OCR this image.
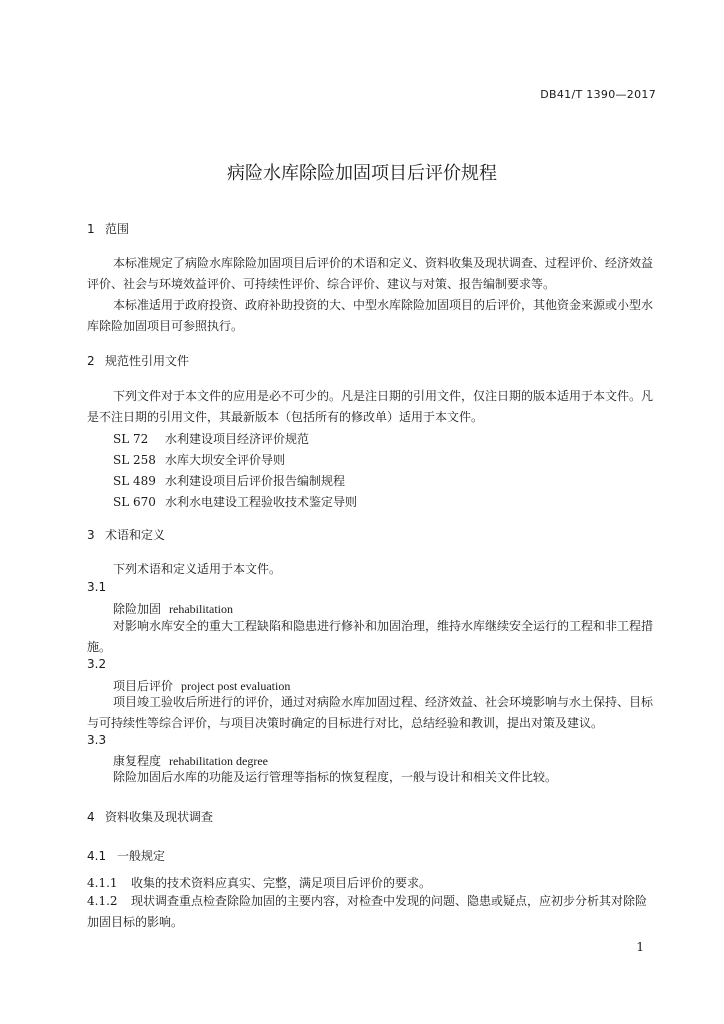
DB41/T 1390—2017
病险水库除险加固项目后评价规程
1 范围
本标准规定了病险水库除险加固项目后评价的术语和定义、资料收集及现状调查、过程评价、经济效益评价、社会与环境效益评价、可持续性评价、综合评价、建议与对策、报告编制要求等。
本标准适用于政府投资、政府补助投资的大、中型水库除险加固项目的后评价，其他资金来源或小型水库除险加固项目可参照执行。
2 规范性引用文件
下列文件对于本文件的应用是必不可少的。凡是注日期的引用文件，仅注日期的版本适用于本文件。凡是不注日期的引用文件，其最新版本（包括所有的修改单）适用于本文件。
SL 72 水利建设项目经济评价规范
SL 258 水库大坝安全评价导则
SL 489 水利建设项目后评价报告编制规程
SL 670 水利水电建设工程验收技术鉴定导则
3 术语和定义
下列术语和定义适用于本文件。
3.1
除险加固 rehabilitation
对影响水库安全的重大工程缺陷和隐患进行修补和加固治理，维持水库继续安全运行的工程和非工程措施。
3.2
项目后评价 project post evaluation
项目竣工验收后所进行的评价，通过对病险水库加固过程、经济效益、社会环境影响与水土保持、目标与可持续性等综合评价，与项目决策时确定的目标进行对比，总结经验和教训，提出对策及建议。
3.3
康复程度 rehabilitation degree
除险加固后水库的功能及运行管理等指标的恢复程度，一般与设计和相关文件比较。
4 资料收集及现状调查
4.1 一般规定
4.1.1 收集的技术资料应真实、完整，满足项目后评价的要求。
4.1.2 现状调查重点检查除险加固的主要内容，对检查中发现的问题、隐患或疑点，应初步分析其对除险加固目标的影响。
1
